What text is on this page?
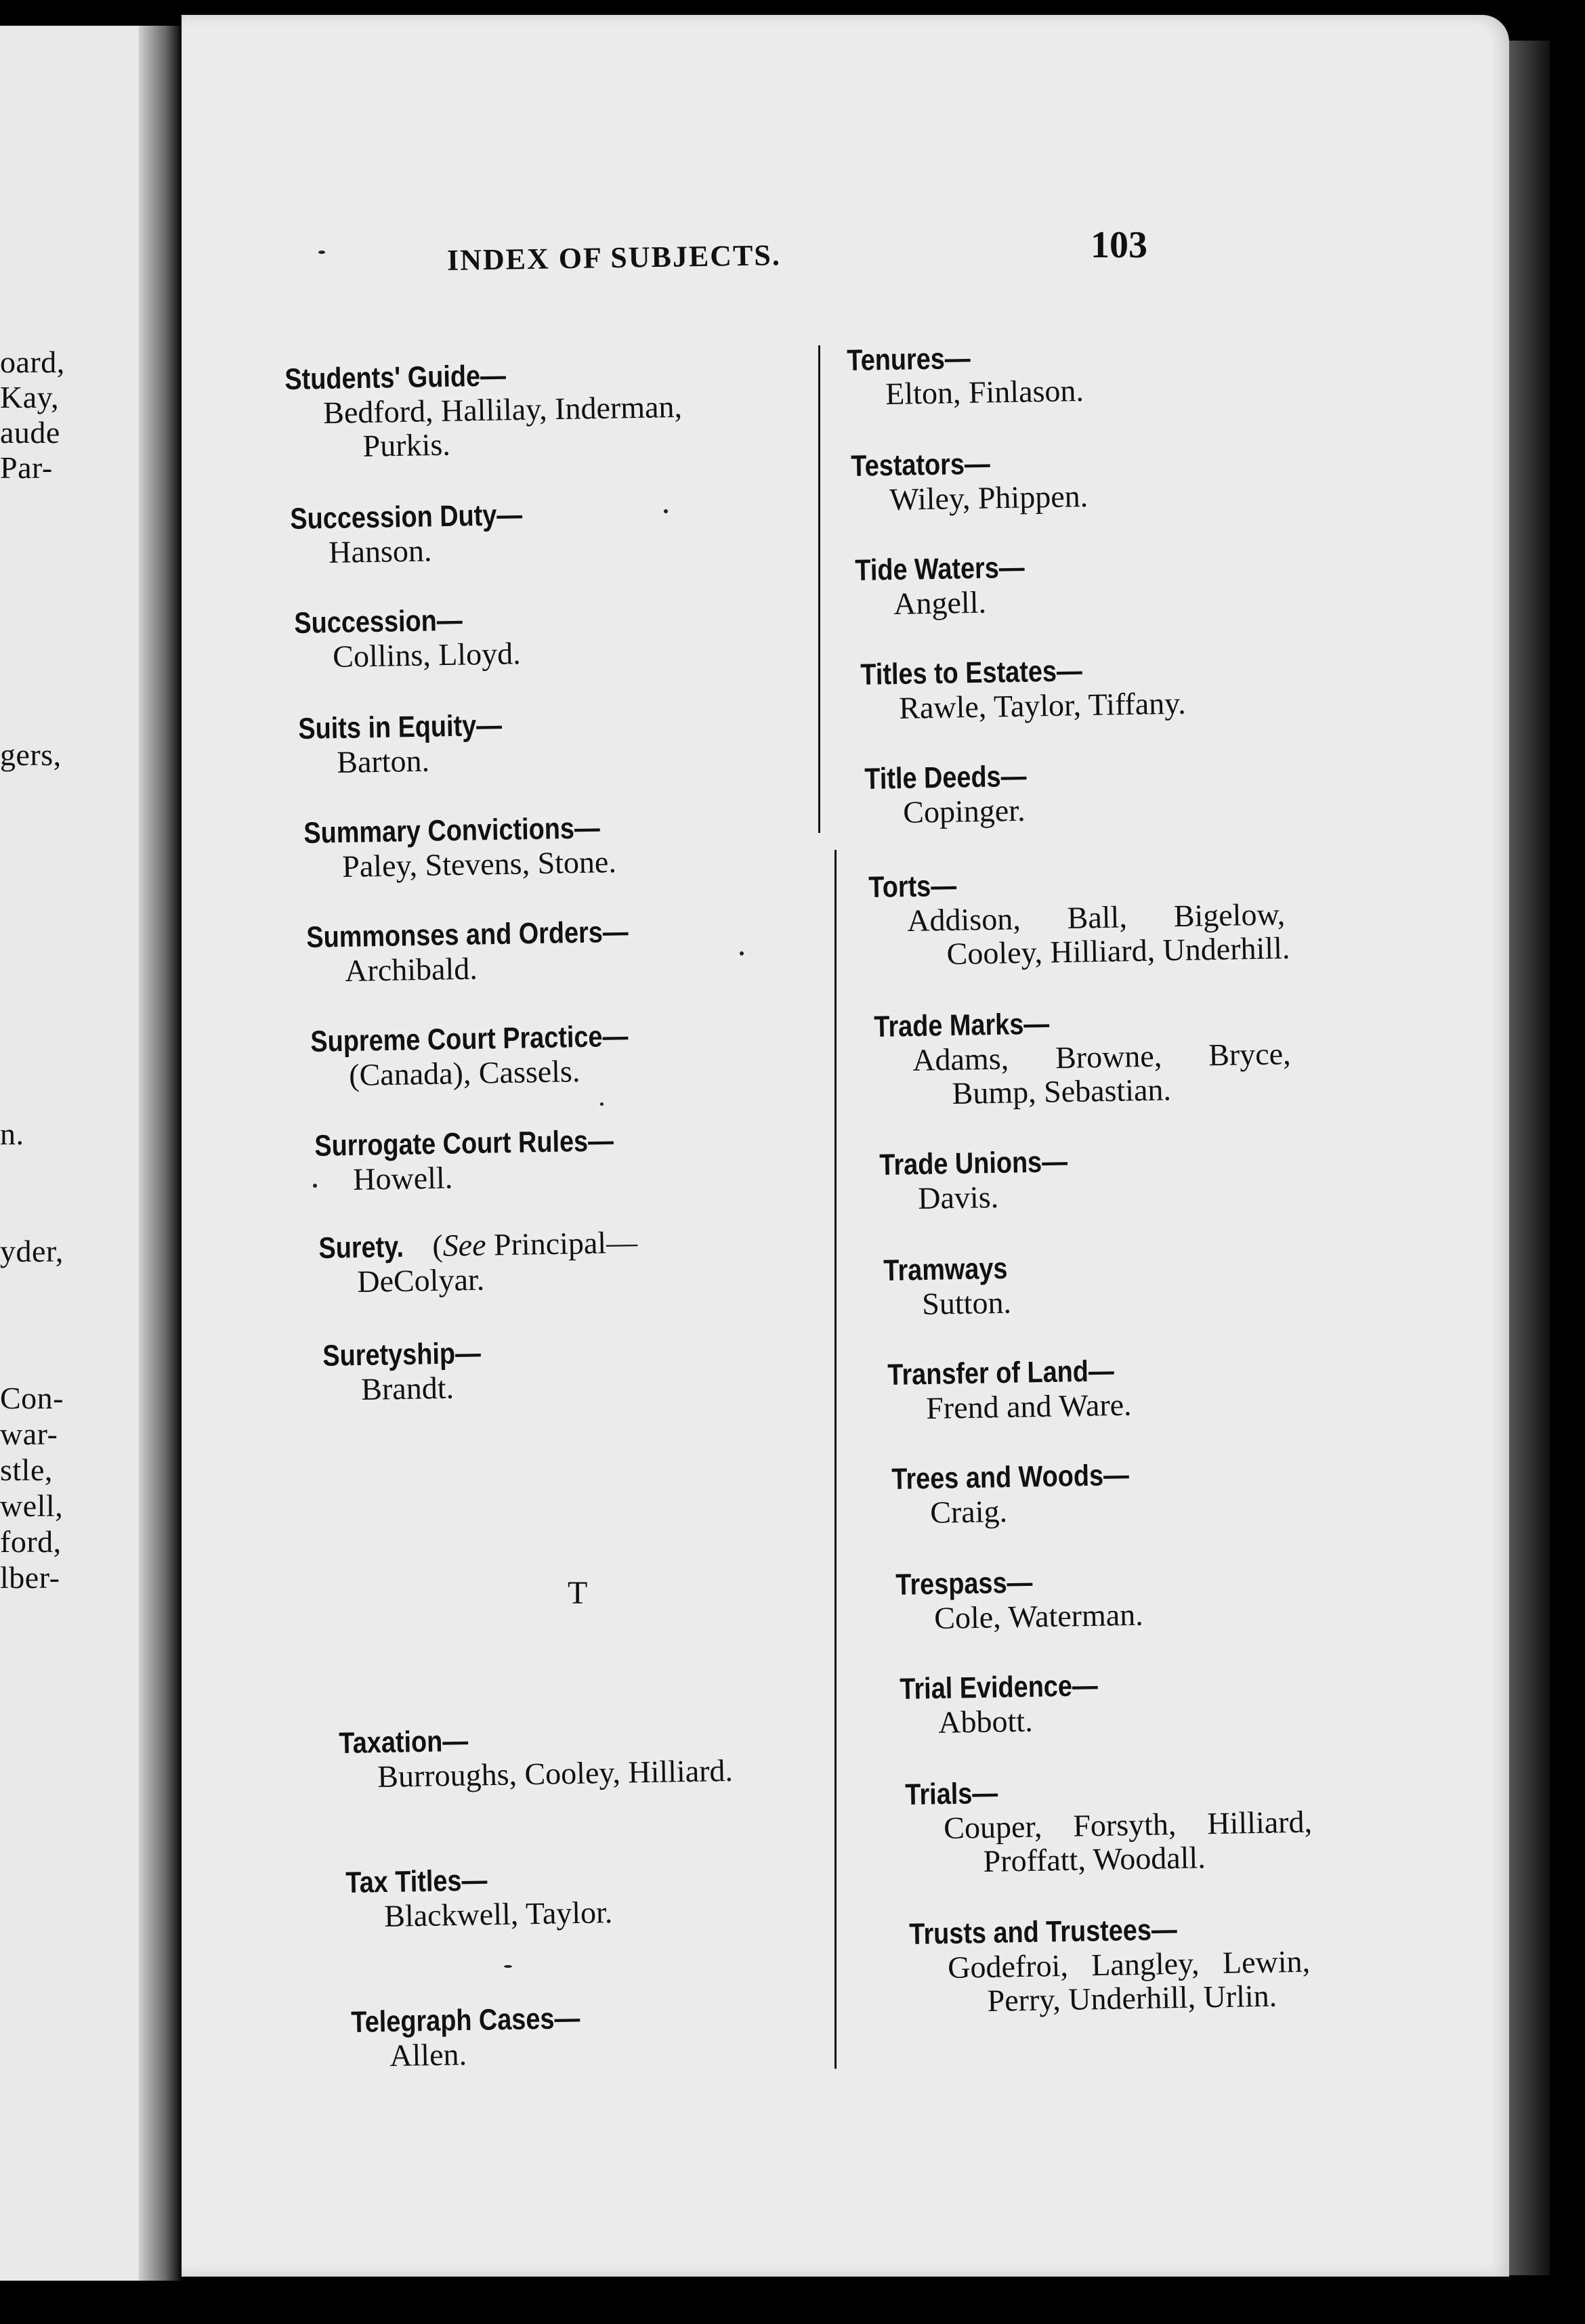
oard,
Kay,
aude
Par-
gers,
n.
yder,
Con-
war-
stle,
well,
ford,
lber-
INDEX OF SUBJECTS.	103
Students' Guide—
Bedford, Hallilay, Inderman,
Purkis.
Succession Duty—
Hanson.
Succession—
Collins, Lloyd.
Suits in Equity—
Barton.
Summary Convictions—
Paley, Stevens, Stone.
Summonses and Orders—
Archibald.
Supreme Court Practice—
(Canada), Cassels.
Surrogate Court Rules—
Howell.
Surety. (See Principal—
DeColyar.
Suretyship—
Brandt.
T
Taxation—
Burroughs, Cooley, Hilliard.
Tax Titles—
Blackwell, Taylor.
Telegraph Cases—
Allen.
Tenures—
Elton, Finlason.
Testators—
Wiley, Phippen.
Tide Waters—
Angell.
Titles to Estates—
Rawle, Taylor, Tiffany.
Title Deeds—
Copinger.
Torts—
Addison,      Ball,      Bigelow,
Cooley, Hilliard, Underhill.
Trade Marks—
Adams,      Browne,      Bryce,
Bump, Sebastian.
Trade Unions—
Davis.
Tramways
Sutton.
Transfer of Land—
Frend and Ware.
Trees and Woods—
Craig.
Trespass—
Cole, Waterman.
Trial Evidence—
Abbott.
Trials—
Couper,    Forsyth,    Hilliard,
Proffatt, Woodall.
Trusts and Trustees—
Godefroi,   Langley,   Lewin,
Perry, Underhill, Urlin.
